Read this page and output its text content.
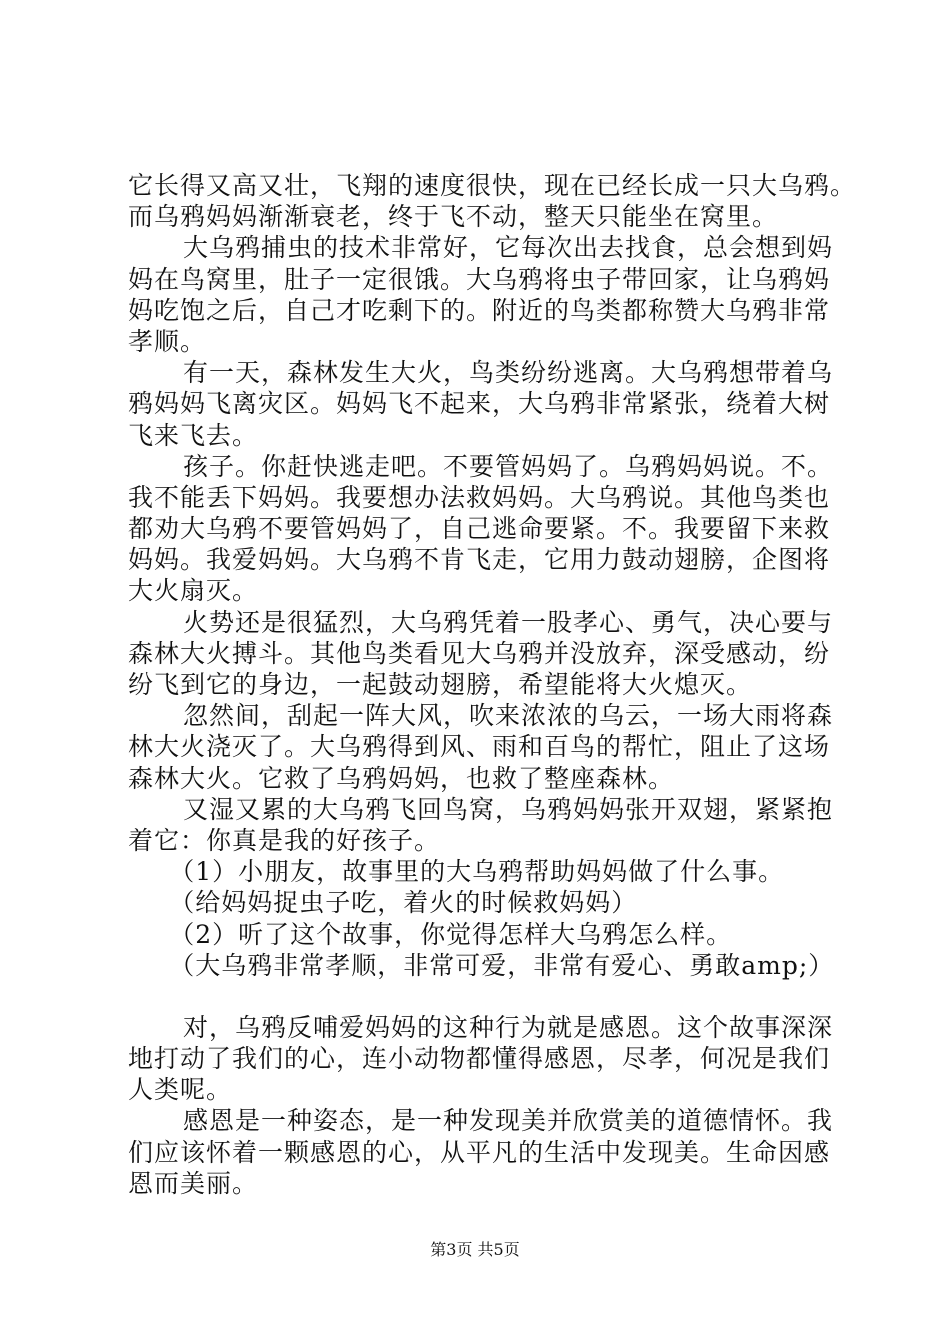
它长得又高又壮，飞翔的速度很快，现在已经长成一只大乌鸦。
而乌鸦妈妈渐渐衰老，终于飞不动，整天只能坐在窝里。
大乌鸦捕虫的技术非常好，它每次出去找食，总会想到妈
妈在鸟窝里，肚子一定很饿。大乌鸦将虫子带回家，让乌鸦妈
妈吃饱之后，自己才吃剩下的。附近的鸟类都称赞大乌鸦非常
孝顺。
有一天，森林发生大火，鸟类纷纷逃离。大乌鸦想带着乌
鸦妈妈飞离灾区。妈妈飞不起来，大乌鸦非常紧张，绕着大树
飞来飞去。
孩子。你赶快逃走吧。不要管妈妈了。乌鸦妈妈说。不。
我不能丢下妈妈。我要想办法救妈妈。大乌鸦说。其他鸟类也
都劝大乌鸦不要管妈妈了，自己逃命要紧。不。我要留下来救
妈妈。我爱妈妈。大乌鸦不肯飞走，它用力鼓动翅膀，企图将
大火扇灭。
火势还是很猛烈，大乌鸦凭着一股孝心、勇气，决心要与
森林大火搏斗。其他鸟类看见大乌鸦并没放弃，深受感动，纷
纷飞到它的身边，一起鼓动翅膀，希望能将大火熄灭。
忽然间，刮起一阵大风，吹来浓浓的乌云，一场大雨将森
林大火浇灭了。大乌鸦得到风、雨和百鸟的帮忙，阻止了这场
森林大火。它救了乌鸦妈妈，也救了整座森林。
又湿又累的大乌鸦飞回鸟窝，乌鸦妈妈张开双翅，紧紧抱
着它：你真是我的好孩子。
（1）小朋友，故事里的大乌鸦帮助妈妈做了什么事。
（给妈妈捉虫子吃，着火的时候救妈妈）
（2）听了这个故事，你觉得怎样大乌鸦怎么样。
（大乌鸦非常孝顺，非常可爱，非常有爱心、勇敢amp;）
对，乌鸦反哺爱妈妈的这种行为就是感恩。这个故事深深
地打动了我们的心，连小动物都懂得感恩，尽孝，何况是我们
人类呢。
感恩是一种姿态，是一种发现美并欣赏美的道德情怀。我
们应该怀着一颗感恩的心，从平凡的生活中发现美。生命因感
恩而美丽。
第3页 共5页
